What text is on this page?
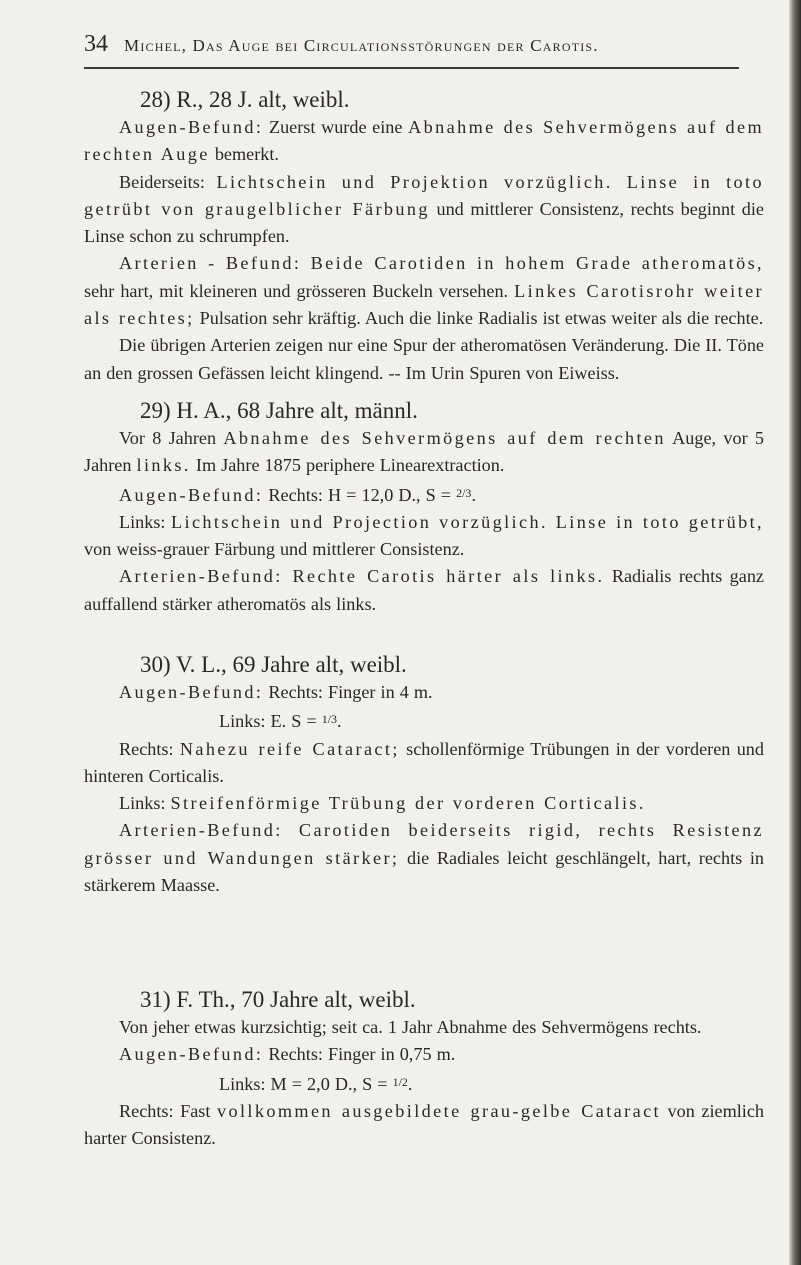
34 Michel, Das Auge bei Circulationsstörungen der Carotis.
28) R., 28 J. alt, weibl.

Augen-Befund: Zuerst wurde eine Abnahme des Sehvermögens auf dem rechten Auge bemerkt.

Beiderseits: Lichtschein und Projektion vorzüglich. Linse in toto getrübt von graugelblicher Färbung und mittlerer Consistenz, rechts beginnt die Linse schon zu schrumpfen.

Arterien - Befund: Beide Carotiden in hohem Grade atheromatös, sehr hart, mit kleineren und grösseren Buckeln versehen. Linkes Carotisrohr weiter als rechtes; Pulsation sehr kräftig. Auch die linke Radialis ist etwas weiter als die rechte.

Die übrigen Arterien zeigen nur eine Spur der atheromatösen Veränderung. Die II. Töne an den grossen Gefässen leicht klingend. -- Im Urin Spuren von Eiweiss.

29) H. A., 68 Jahre alt, männl.

Vor 8 Jahren Abnahme des Sehvermögens auf dem rechten Auge, vor 5 Jahren links. Im Jahre 1875 periphere Linearextraction.

Augen-Befund: Rechts: H = 12,0 D., S = $^{2/3}$.

Links: Lichtschein und Projection vorzüglich. Linse in toto getrübt, von weiss-grauer Färbung und mittlerer Consistenz.

Arterien-Befund: Rechte Carotis härter als links. Radialis rechts ganz auffallend stärker atheromatös als links.

30) V. L., 69 Jahre alt, weibl.

Augen-Befund: Rechts: Finger in 4 m.

Links: E. S = $^{1/3}$.

Rechts: Nahezu reife Cataract; schollenförmige Trübungen in der vorderen und hinteren Corticalis.

Links: Streifenförmige Trübung der vorderen Corticalis.

Arterien-Befund: Carotiden beiderseits rigid, rechts Resistenz grösser und Wandungen stärker; die Radiales leicht geschlängelt, hart, rechts in stärkerem Maasse.

31) F. Th., 70 Jahre alt, weibl.

Von jeher etwas kurzsichtig; seit ca. 1 Jahr Abnahme des Sehvermögens rechts.

Augen-Befund: Rechts: Finger in 0,75 m.

Links: M = 2,0 D., S = $^{1/2}$.

Rechts: Fast vollkommen ausgebildete grau-gelbe Cataract von ziemlich harter Consistenz.
